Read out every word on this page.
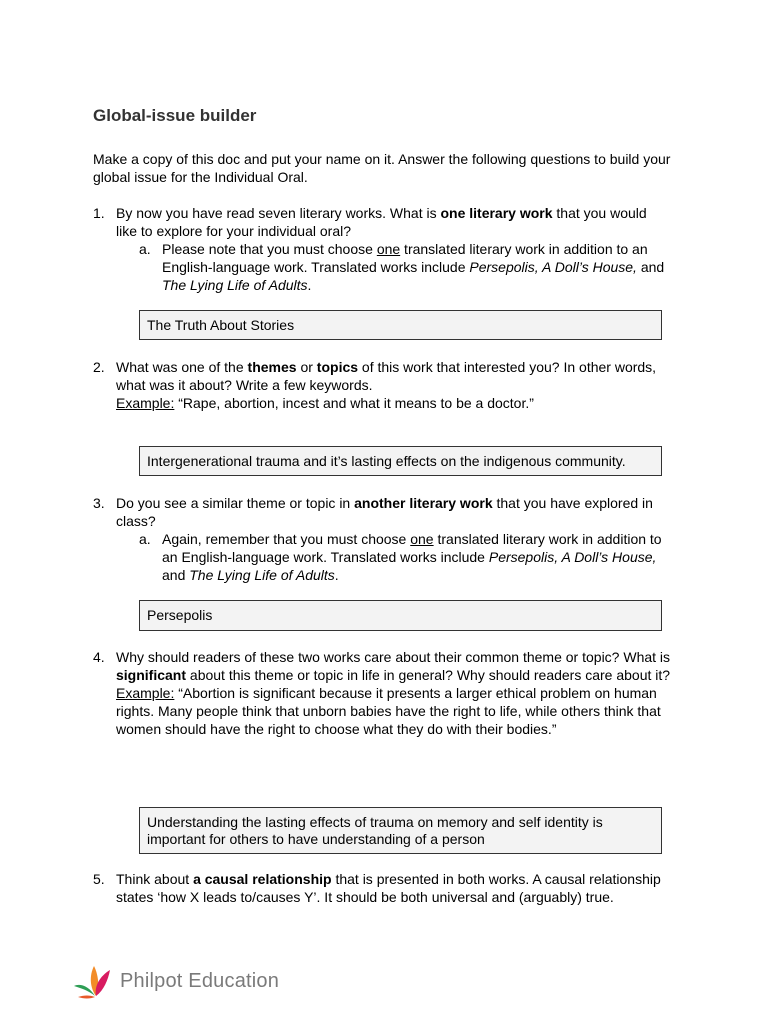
Global-issue builder

Make a copy of this doc and put your name on it. Answer the following questions to build your global issue for the Individual Oral.

1. By now you have read seven literary works. What is one literary work that you would like to explore for your individual oral?

a. Please note that you must choose one translated literary work in addition to an English-language work. Translated works include Persepolis, A Doll’s House, and The Lying Life of Adults.

The Truth About Stories
2. What was one of the themes or topics of this work that interested you? In other words, what was it about? Write a few keywords.

Example: “Rape, abortion, incest and what it means to be a doctor.”

Intergenerational trauma and it’s lasting effects on the indigenous community.
3. Do you see a similar theme or topic in another literary work that you have explored in class?

a. Again, remember that you must choose one translated literary work in addition to an English-language work. Translated works include Persepolis, A Doll’s House, and The Lying Life of Adults.

Persepolis
4. Why should readers of these two works care about their common theme or topic? What is significant about this theme or topic in life in general? Why should readers care about it?

Example: “Abortion is significant because it presents a larger ethical problem on human rights. Many people think that unborn babies have the right to life, while others think that women should have the right to choose what they do with their bodies.”

Understanding the lasting effects of trauma on memory and self identity is important for others to have understanding of a person
5. Think about a causal relationship that is presented in both works. A causal relationship states ‘how X leads to/causes Y’. It should be both universal and (arguably) true.

Philpot Education
